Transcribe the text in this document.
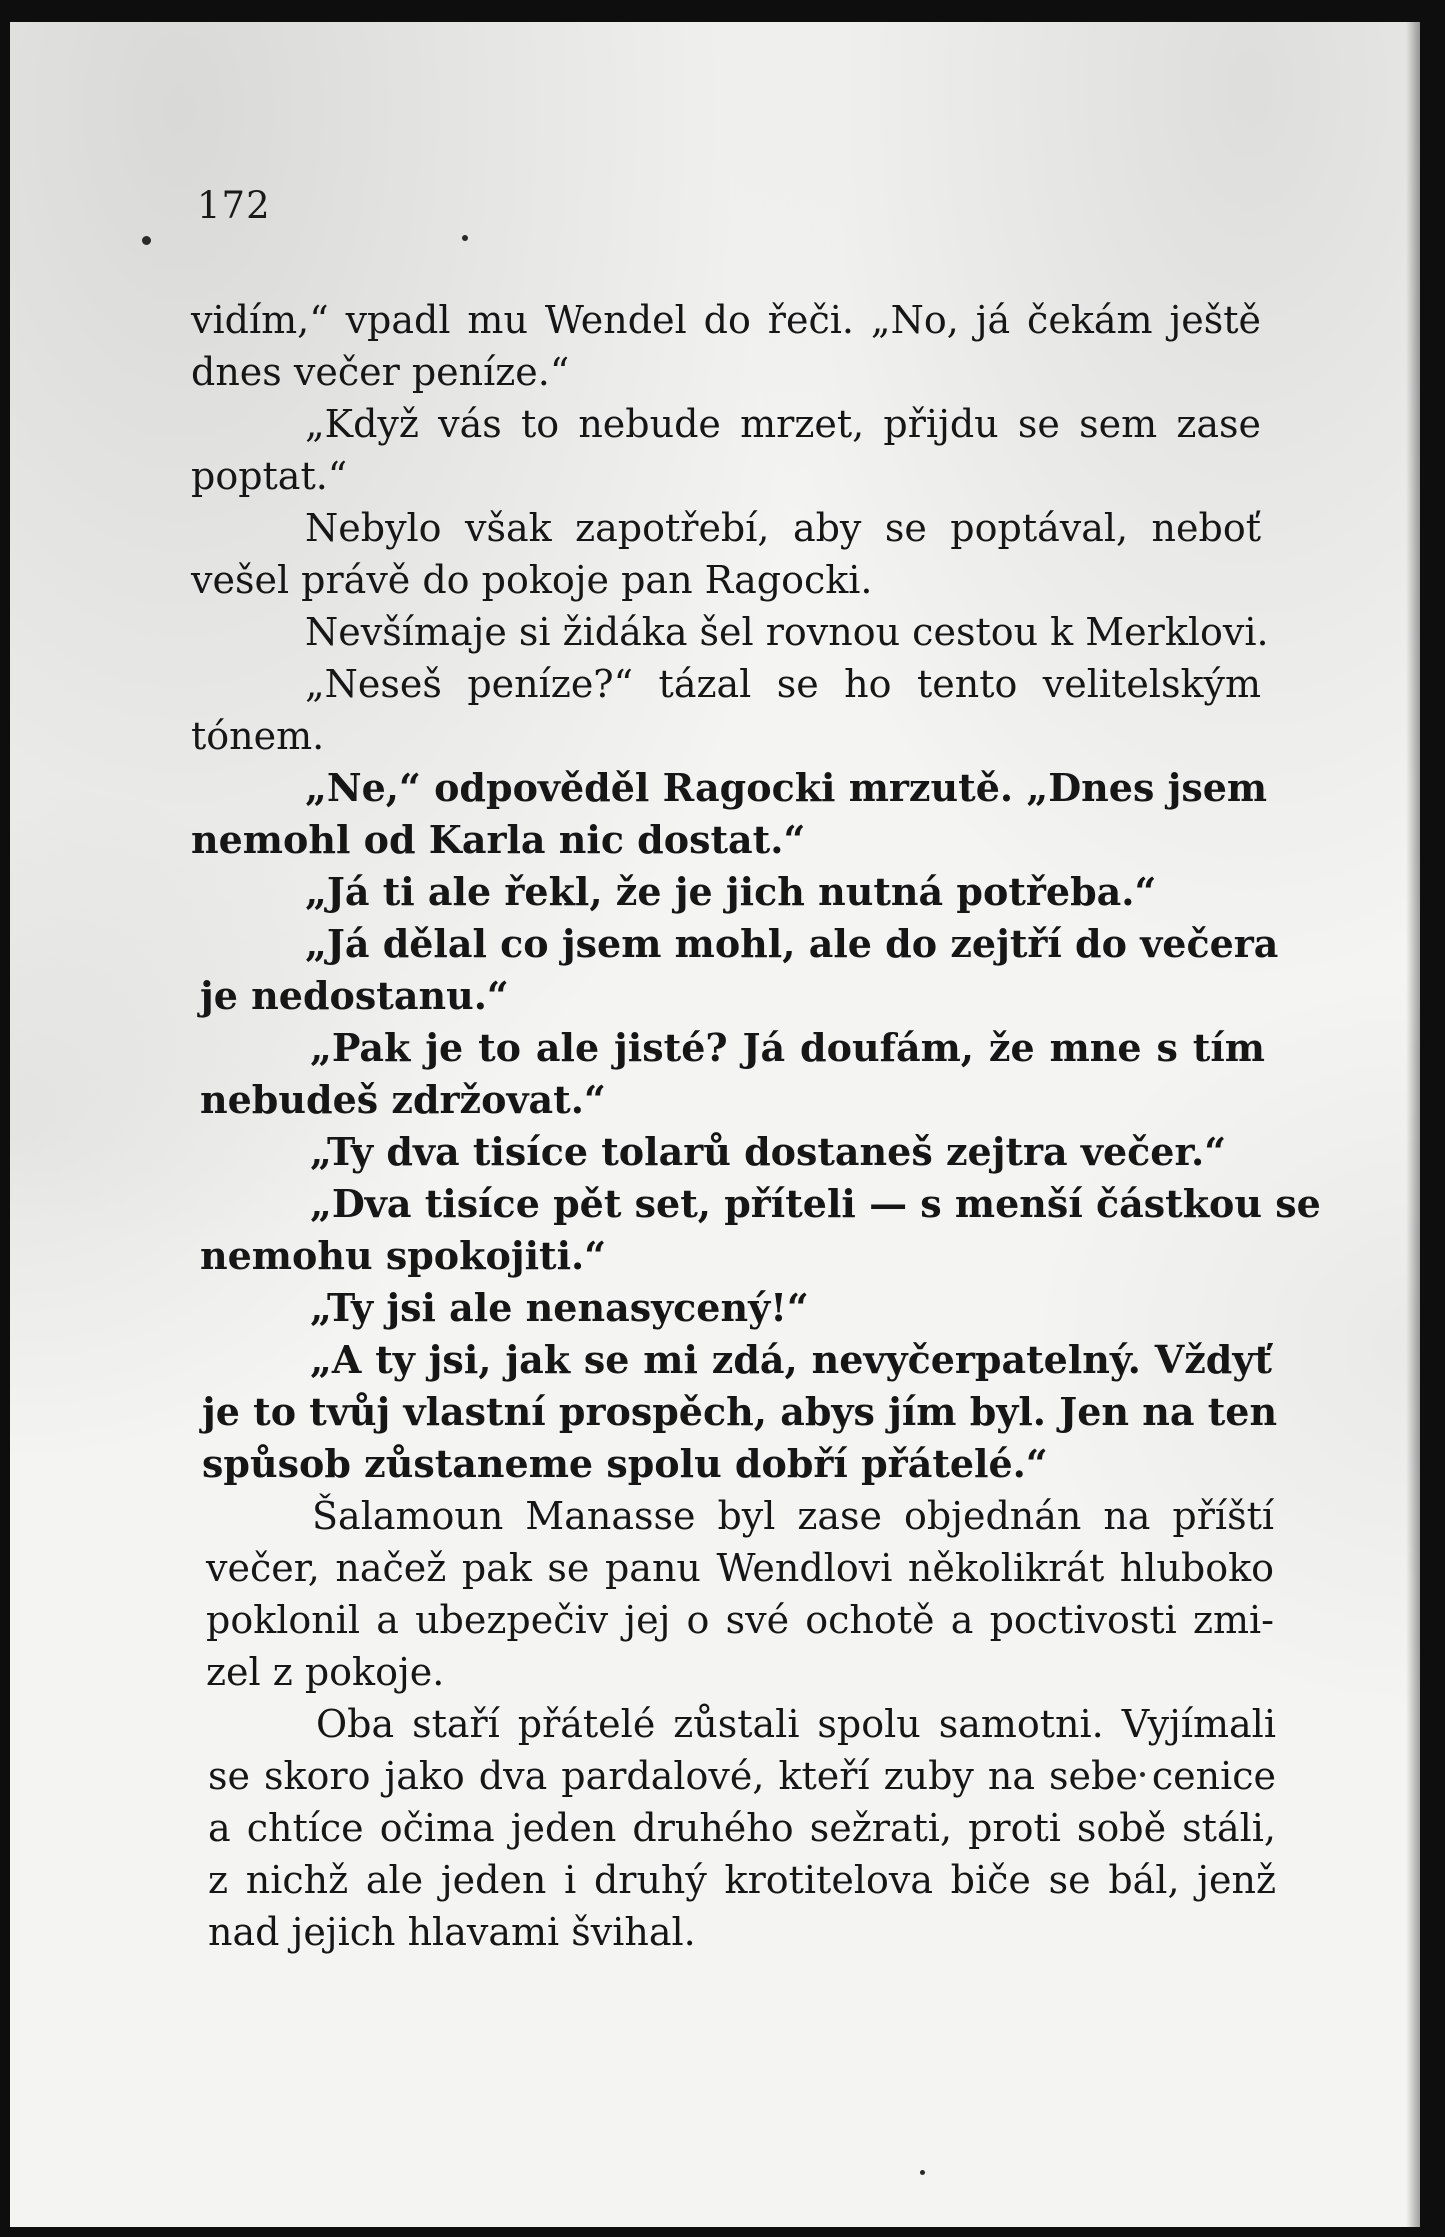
172
vidím,“ vpadl mu Wendel do řeči. „No, já čekám ještě
dnes večer peníze.“
„Když vás to nebude mrzet, přijdu se sem zase
poptat.“
Nebylo však zapotřebí, aby se poptával, neboť
vešel právě do pokoje pan Ragocki.
Nevšímaje si židáka šel rovnou cestou k Merklovi.
„Neseš peníze?“ tázal se ho tento velitelským
tónem.
„Ne,“ odpověděl Ragocki mrzutě. „Dnes jsem
nemohl od Karla nic dostat.“
„Já ti ale řekl, že je jich nutná potřeba.“
„Já dělal co jsem mohl, ale do zejtří do večera
je nedostanu.“
„Pak je to ale jisté? Já doufám, že mne s tím
nebudeš zdržovat.“
„Ty dva tisíce tolarů dostaneš zejtra večer.“
„Dva tisíce pět set, příteli — s menší částkou se
nemohu spokojiti.“
„Ty jsi ale nenasycený!“
„A ty jsi, jak se mi zdá, nevyčerpatelný. Vždyť
je to tvůj vlastní prospěch, abys jím byl. Jen na ten
spůsob zůstaneme spolu dobří přátelé.“
Šalamoun Manasse byl zase objednán na příští
večer, načež pak se panu Wendlovi několikrát hluboko
poklonil a ubezpečiv jej o své ochotě a poctivosti zmi-
zel z pokoje.
Oba staří přátelé zůstali spolu samotni. Vyjímali
se skoro jako dva pardalové, kteří zuby na sebe cenice
a chtíce očima jeden druhého sežrati, proti sobě stáli,
z nichž ale jeden i druhý krotitelova biče se bál, jenž
nad jejich hlavami švihal.
